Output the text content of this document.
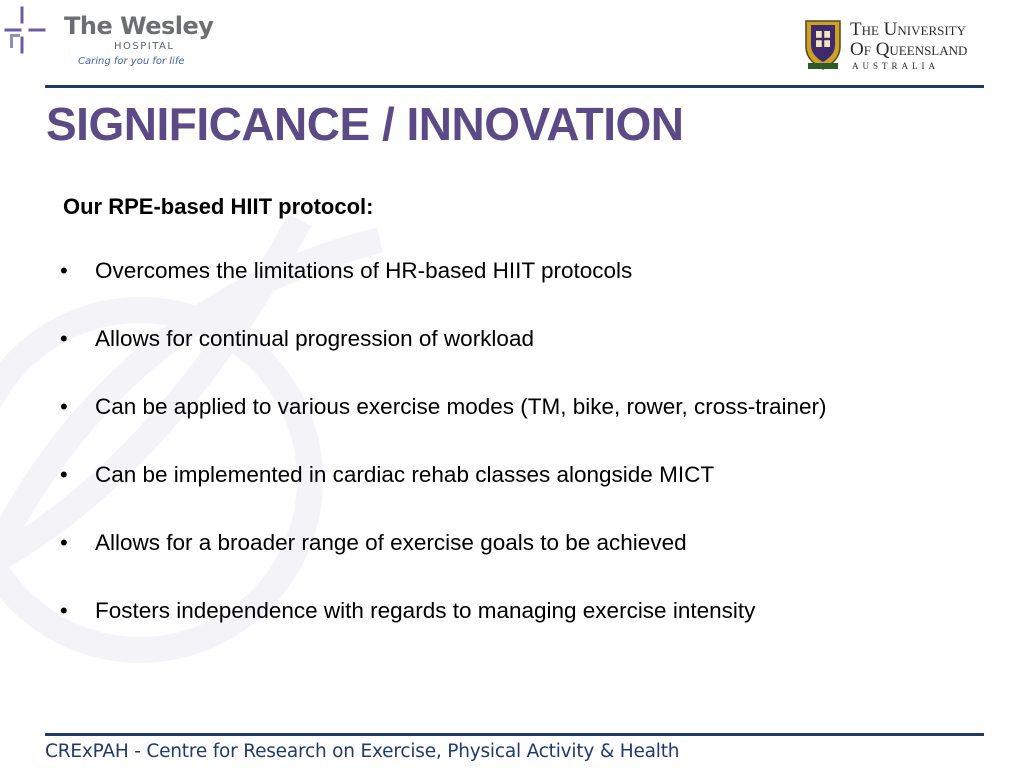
The Wesley
HOSPITAL
Caring for you for life
The University
Of Queensland
AUSTRALIA
SIGNIFICANCE / INNOVATION
Our RPE-based HIIT protocol:
• Overcomes the limitations of HR-based HIIT protocols
• Allows for continual progression of workload
• Can be applied to various exercise modes (TM, bike, rower, cross-trainer)
• Can be implemented in cardiac rehab classes alongside MICT
• Allows for a broader range of exercise goals to be achieved
• Fosters independence with regards to managing exercise intensity
CRExPAH - Centre for Research on Exercise, Physical Activity & Health
